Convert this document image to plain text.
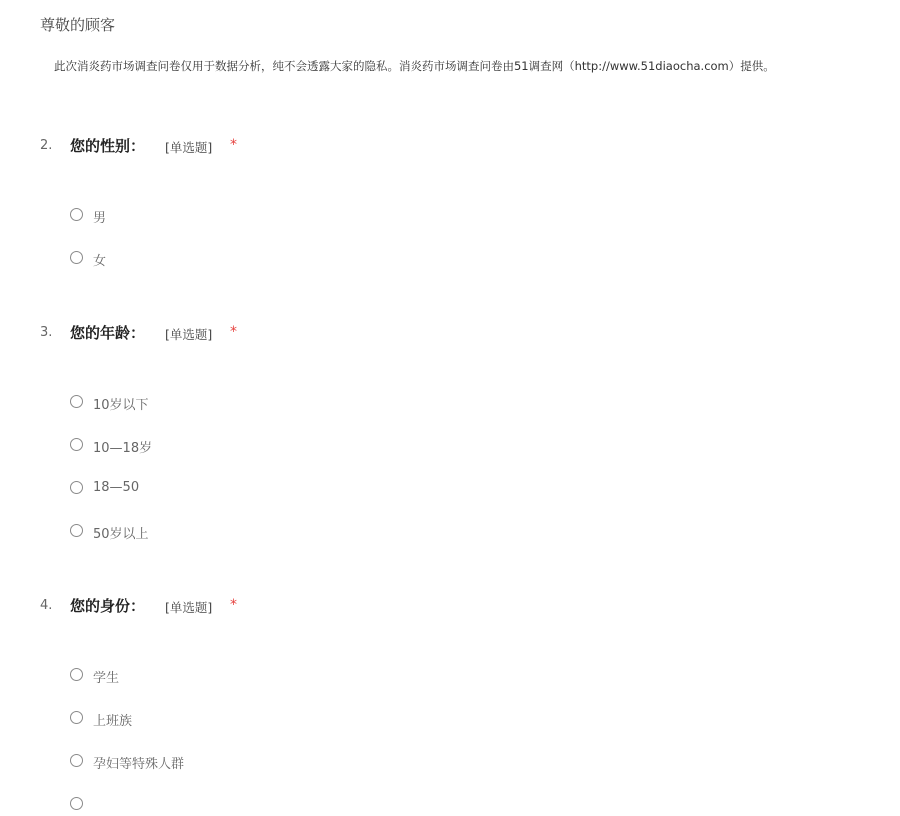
尊敬的顾客
此次消炎药市场调查问卷仅用于数据分析，纯不会透露大家的隐私。消炎药市场调查问卷由51调查网（http://www.51diaocha.com）提供。
2. 您的性别： [单选题] *
男
女
3. 您的年龄： [单选题] *
10岁以下
10—18岁
18—50
50岁以上
4. 您的身份： [单选题] *
学生
上班族
孕妇等特殊人群
